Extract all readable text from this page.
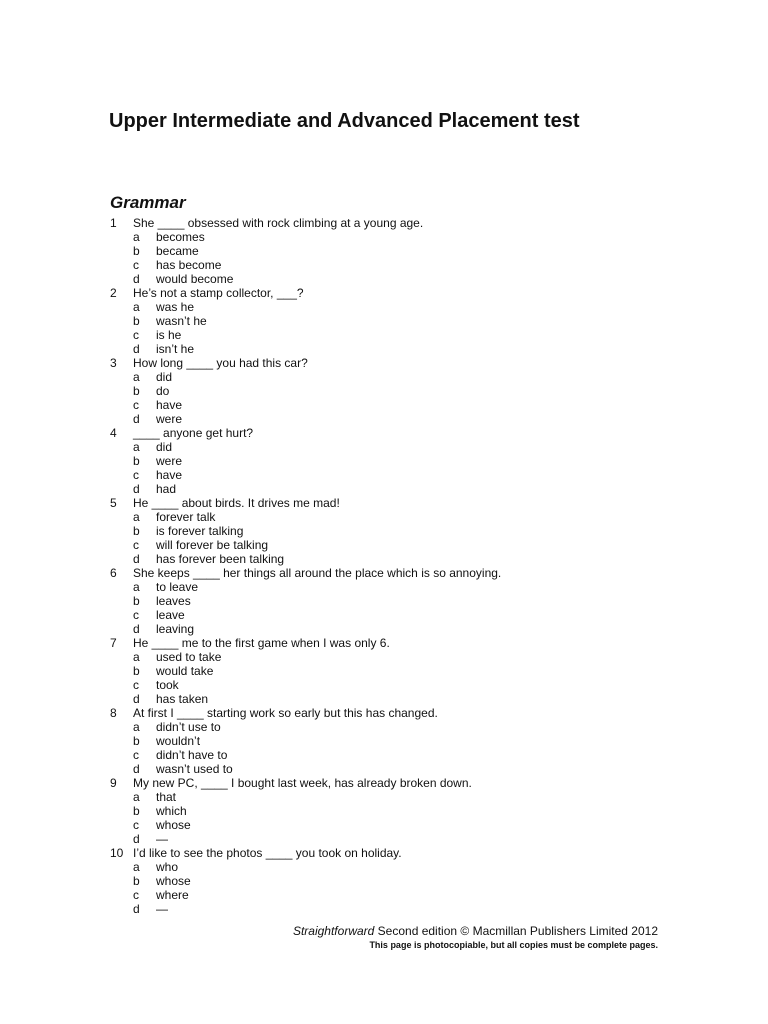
Upper Intermediate and Advanced Placement test
Grammar
1 She ____ obsessed with rock climbing at a young age.
a becomes
b became
c has become
d would become
2 He’s not a stamp collector, ___?
a was he
b wasn’t he
c is he
d isn’t he
3 How long ____ you had this car?
a did
b do
c have
d were
4 ____ anyone get hurt?
a did
b were
c have
d had
5 He ____ about birds. It drives me mad!
a forever talk
b is forever talking
c will forever be talking
d has forever been talking
6 She keeps ____ her things all around the place which is so annoying.
a to leave
b leaves
c leave
d leaving
7 He ____ me to the first game when I was only 6.
a used to take
b would take
c took
d has taken
8 At first I ____ starting work so early but this has changed.
a didn’t use to
b wouldn’t
c didn’t have to
d wasn’t used to
9 My new PC, ____ I bought last week, has already broken down.
a that
b which
c whose
d —
10 I’d like to see the photos ____ you took on holiday.
a who
b whose
c where
d —
Straightforward Second edition © Macmillan Publishers Limited 2012
This page is photocopiable, but all copies must be complete pages.
